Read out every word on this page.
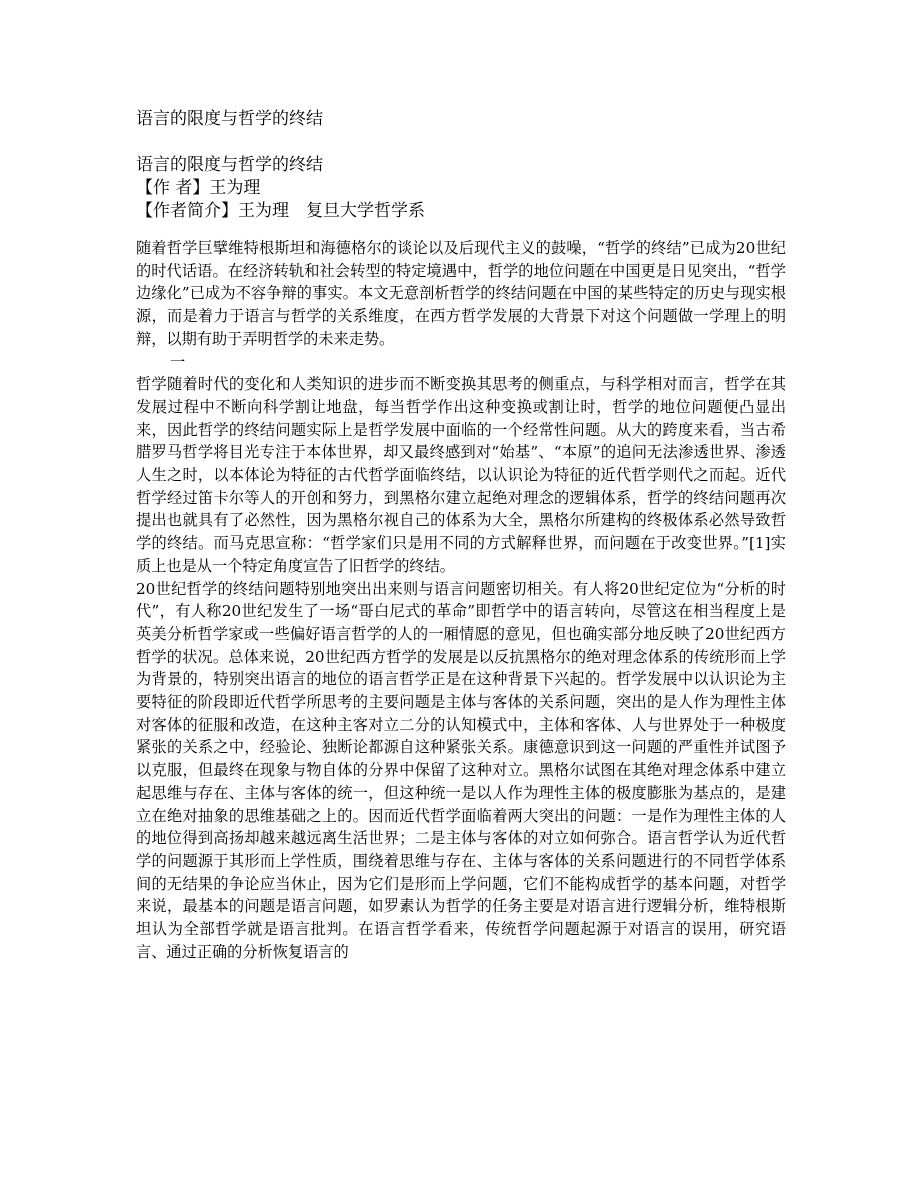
语言的限度与哲学的终结
语言的限度与哲学的终结
【作 者】王为理
【作者简介】王为理　复旦大学哲学系

随着哲学巨擘维特根斯坦和海德格尔的谈论以及后现代主义的鼓噪，“哲学的终结”已成为20世纪的时代话语。在经济转轨和社会转型的特定境遇中，哲学的地位问题在中国更是日见突出，“哲学边缘化”已成为不容争辩的事实。本文无意剖析哲学的终结问题在中国的某些特定的历史与现实根源，而是着力于语言与哲学的关系维度，在西方哲学发展的大背景下对这个问题做一学理上的明辩，以期有助于弄明哲学的未来走势。

一

哲学随着时代的变化和人类知识的进步而不断变换其思考的侧重点，与科学相对而言，哲学在其发展过程中不断向科学割让地盘，每当哲学作出这种变换或割让时，哲学的地位问题便凸显出来，因此哲学的终结问题实际上是哲学发展中面临的一个经常性问题。从大的跨度来看，当古希腊罗马哲学将目光专注于本体世界，却又最终感到对“始基”、“本原”的追问无法渗透世界、渗透人生之时，以本体论为特征的古代哲学面临终结，以认识论为特征的近代哲学则代之而起。近代哲学经过笛卡尔等人的开创和努力，到黑格尔建立起绝对理念的逻辑体系，哲学的终结问题再次提出也就具有了必然性，因为黑格尔视自己的体系为大全，黑格尔所建构的终极体系必然导致哲学的终结。而马克思宣称：“哲学家们只是用不同的方式解释世界，而问题在于改变世界。”[1]实质上也是从一个特定角度宣告了旧哲学的终结。

20世纪哲学的终结问题特别地突出出来则与语言问题密切相关。有人将20世纪定位为“分析的时代”，有人称20世纪发生了一场“哥白尼式的革命”即哲学中的语言转向，尽管这在相当程度上是英美分析哲学家或一些偏好语言哲学的人的一厢情愿的意见，但也确实部分地反映了20世纪西方哲学的状况。总体来说，20世纪西方哲学的发展是以反抗黑格尔的绝对理念体系的传统形而上学为背景的，特别突出语言的地位的语言哲学正是在这种背景下兴起的。哲学发展中以认识论为主要特征的阶段即近代哲学所思考的主要问题是主体与客体的关系问题，突出的是人作为理性主体对客体的征服和改造，在这种主客对立二分的认知模式中，主体和客体、人与世界处于一种极度紧张的关系之中，经验论、独断论都源自这种紧张关系。康德意识到这一问题的严重性并试图予以克服，但最终在现象与物自体的分界中保留了这种对立。黑格尔试图在其绝对理念体系中建立起思维与存在、主体与客体的统一，但这种统一是以人作为理性主体的极度膨胀为基点的，是建立在绝对抽象的思维基础之上的。因而近代哲学面临着两大突出的问题：一是作为理性主体的人的地位得到高扬却越来越远离生活世界；二是主体与客体的对立如何弥合。语言哲学认为近代哲学的问题源于其形而上学性质，围绕着思维与存在、主体与客体的关系问题进行的不同哲学体系间的无结果的争论应当休止，因为它们是形而上学问题，它们不能构成哲学的基本问题，对哲学来说，最基本的问题是语言问题，如罗素认为哲学的任务主要是对语言进行逻辑分析，维特根斯坦认为全部哲学就是语言批判。在语言哲学看来，传统哲学问题起源于对语言的误用，研究语言、通过正确的分析恢复语言的
